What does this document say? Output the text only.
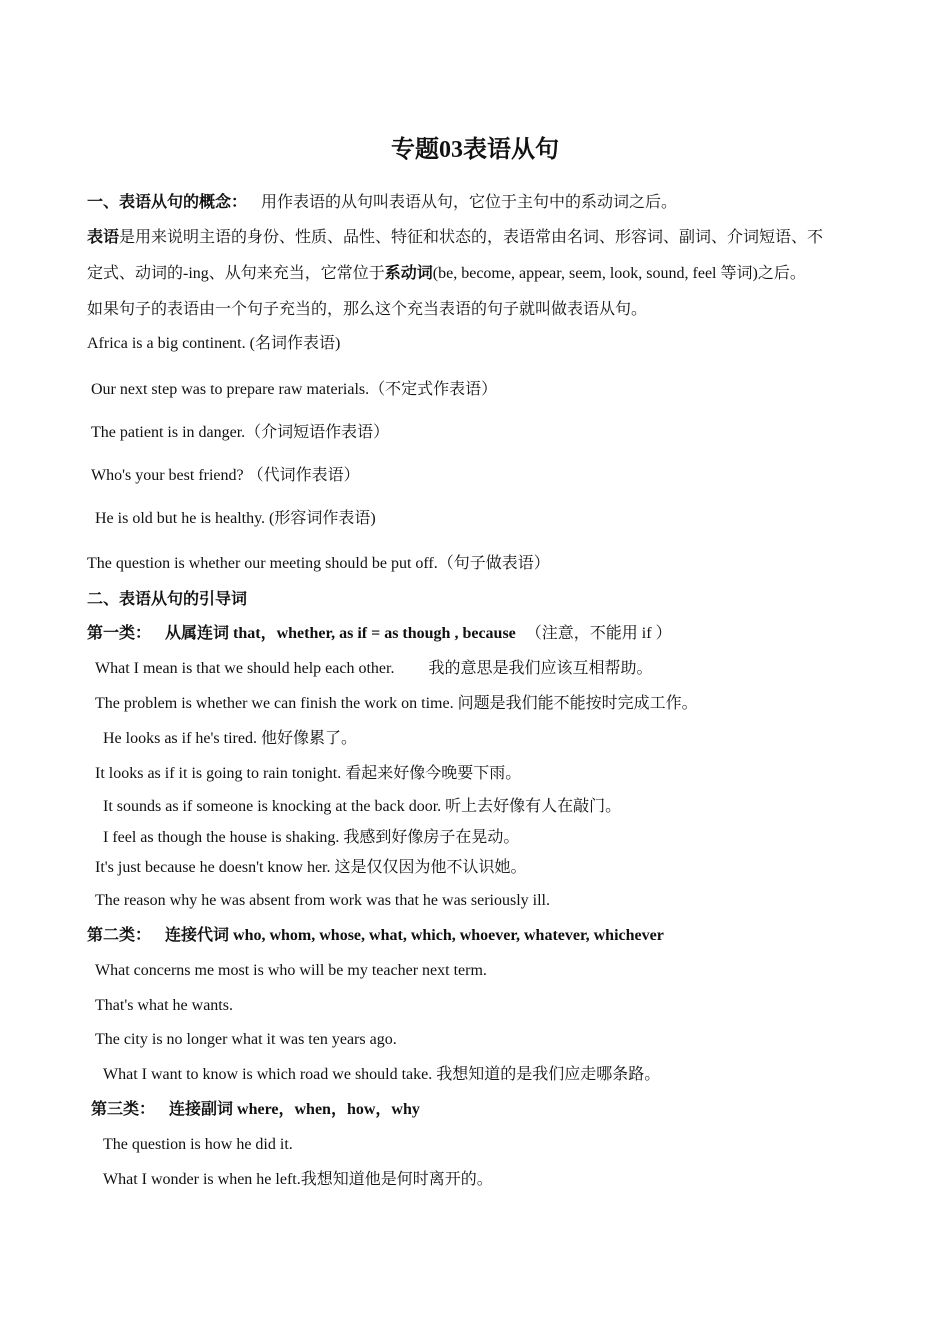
专题03表语从句
一、表语从句的概念： 用作表语的从句叫表语从句，它位于主句中的系动词之后。
表语是用来说明主语的身份、性质、品性、特征和状态的，表语常由名词、形容词、副词、介词短语、不
定式、动词的-ing、从句来充当，它常位于系动词(be, become, appear, seem, look, sound, feel 等词)之后。
如果句子的表语由一个句子充当的，那么这个充当表语的句子就叫做表语从句。
Africa is a big continent. (名词作表语)
Our next step was to prepare raw materials.（不定式作表语）
The patient is in danger.（介词短语作表语）
Who's your best friend? （代词作表语）
He is old but he is healthy. (形容词作表语)
The question is whether our meeting should be put off.（句子做表语）
二、表语从句的引导词
第一类： 从属连词 that，whether, as if = as though , because （注意，不能用 if ）
What I mean is that we should help each other. 我的意思是我们应该互相帮助。
The problem is whether we can finish the work on time. 问题是我们能不能按时完成工作。
He looks as if he's tired. 他好像累了。
It looks as if it is going to rain tonight. 看起来好像今晚要下雨。
It sounds as if someone is knocking at the back door. 听上去好像有人在敲门。
I feel as though the house is shaking. 我感到好像房子在晃动。
It's just because he doesn't know her. 这是仅仅因为他不认识她。
The reason why he was absent from work was that he was seriously ill.
第二类： 连接代词 who, whom, whose, what, which, whoever, whatever, whichever
What concerns me most is who will be my teacher next term.
That's what he wants.
The city is no longer what it was ten years ago.
What I want to know is which road we should take. 我想知道的是我们应走哪条路。
第三类： 连接副词 where，when，how，why
The question is how he did it.
What I wonder is when he left.我想知道他是何时离开的。
